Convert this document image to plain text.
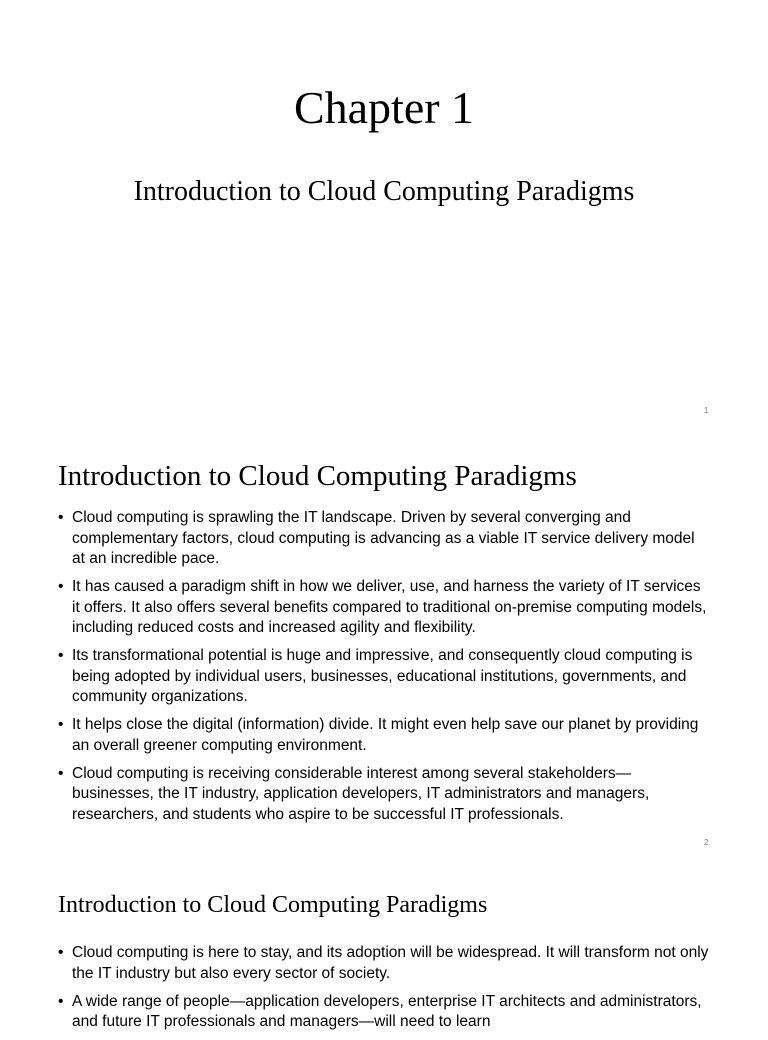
Chapter 1
Introduction to Cloud Computing Paradigms
1
Introduction to Cloud Computing Paradigms
• Cloud computing is sprawling the IT landscape. Driven by several converging and complementary factors, cloud computing is advancing as a viable IT service delivery model at an incredible pace.
• It has caused a paradigm shift in how we deliver, use, and harness the variety of IT services it offers. It also offers several benefits compared to traditional on-premise computing models, including reduced costs and increased agility and flexibility.
• Its transformational potential is huge and impressive, and consequently cloud computing is being adopted by individual users, businesses, educational institutions, governments, and community organizations.
• It helps close the digital (information) divide. It might even help save our planet by providing an overall greener computing environment.
• Cloud computing is receiving considerable interest among several stakeholders—businesses, the IT industry, application developers, IT administrators and managers, researchers, and students who aspire to be successful IT professionals.
2
Introduction to Cloud Computing Paradigms
• Cloud computing is here to stay, and its adoption will be widespread. It will transform not only the IT industry but also every sector of society.
• A wide range of people—application developers, enterprise IT architects and administrators, and future IT professionals and managers—will need to learn
